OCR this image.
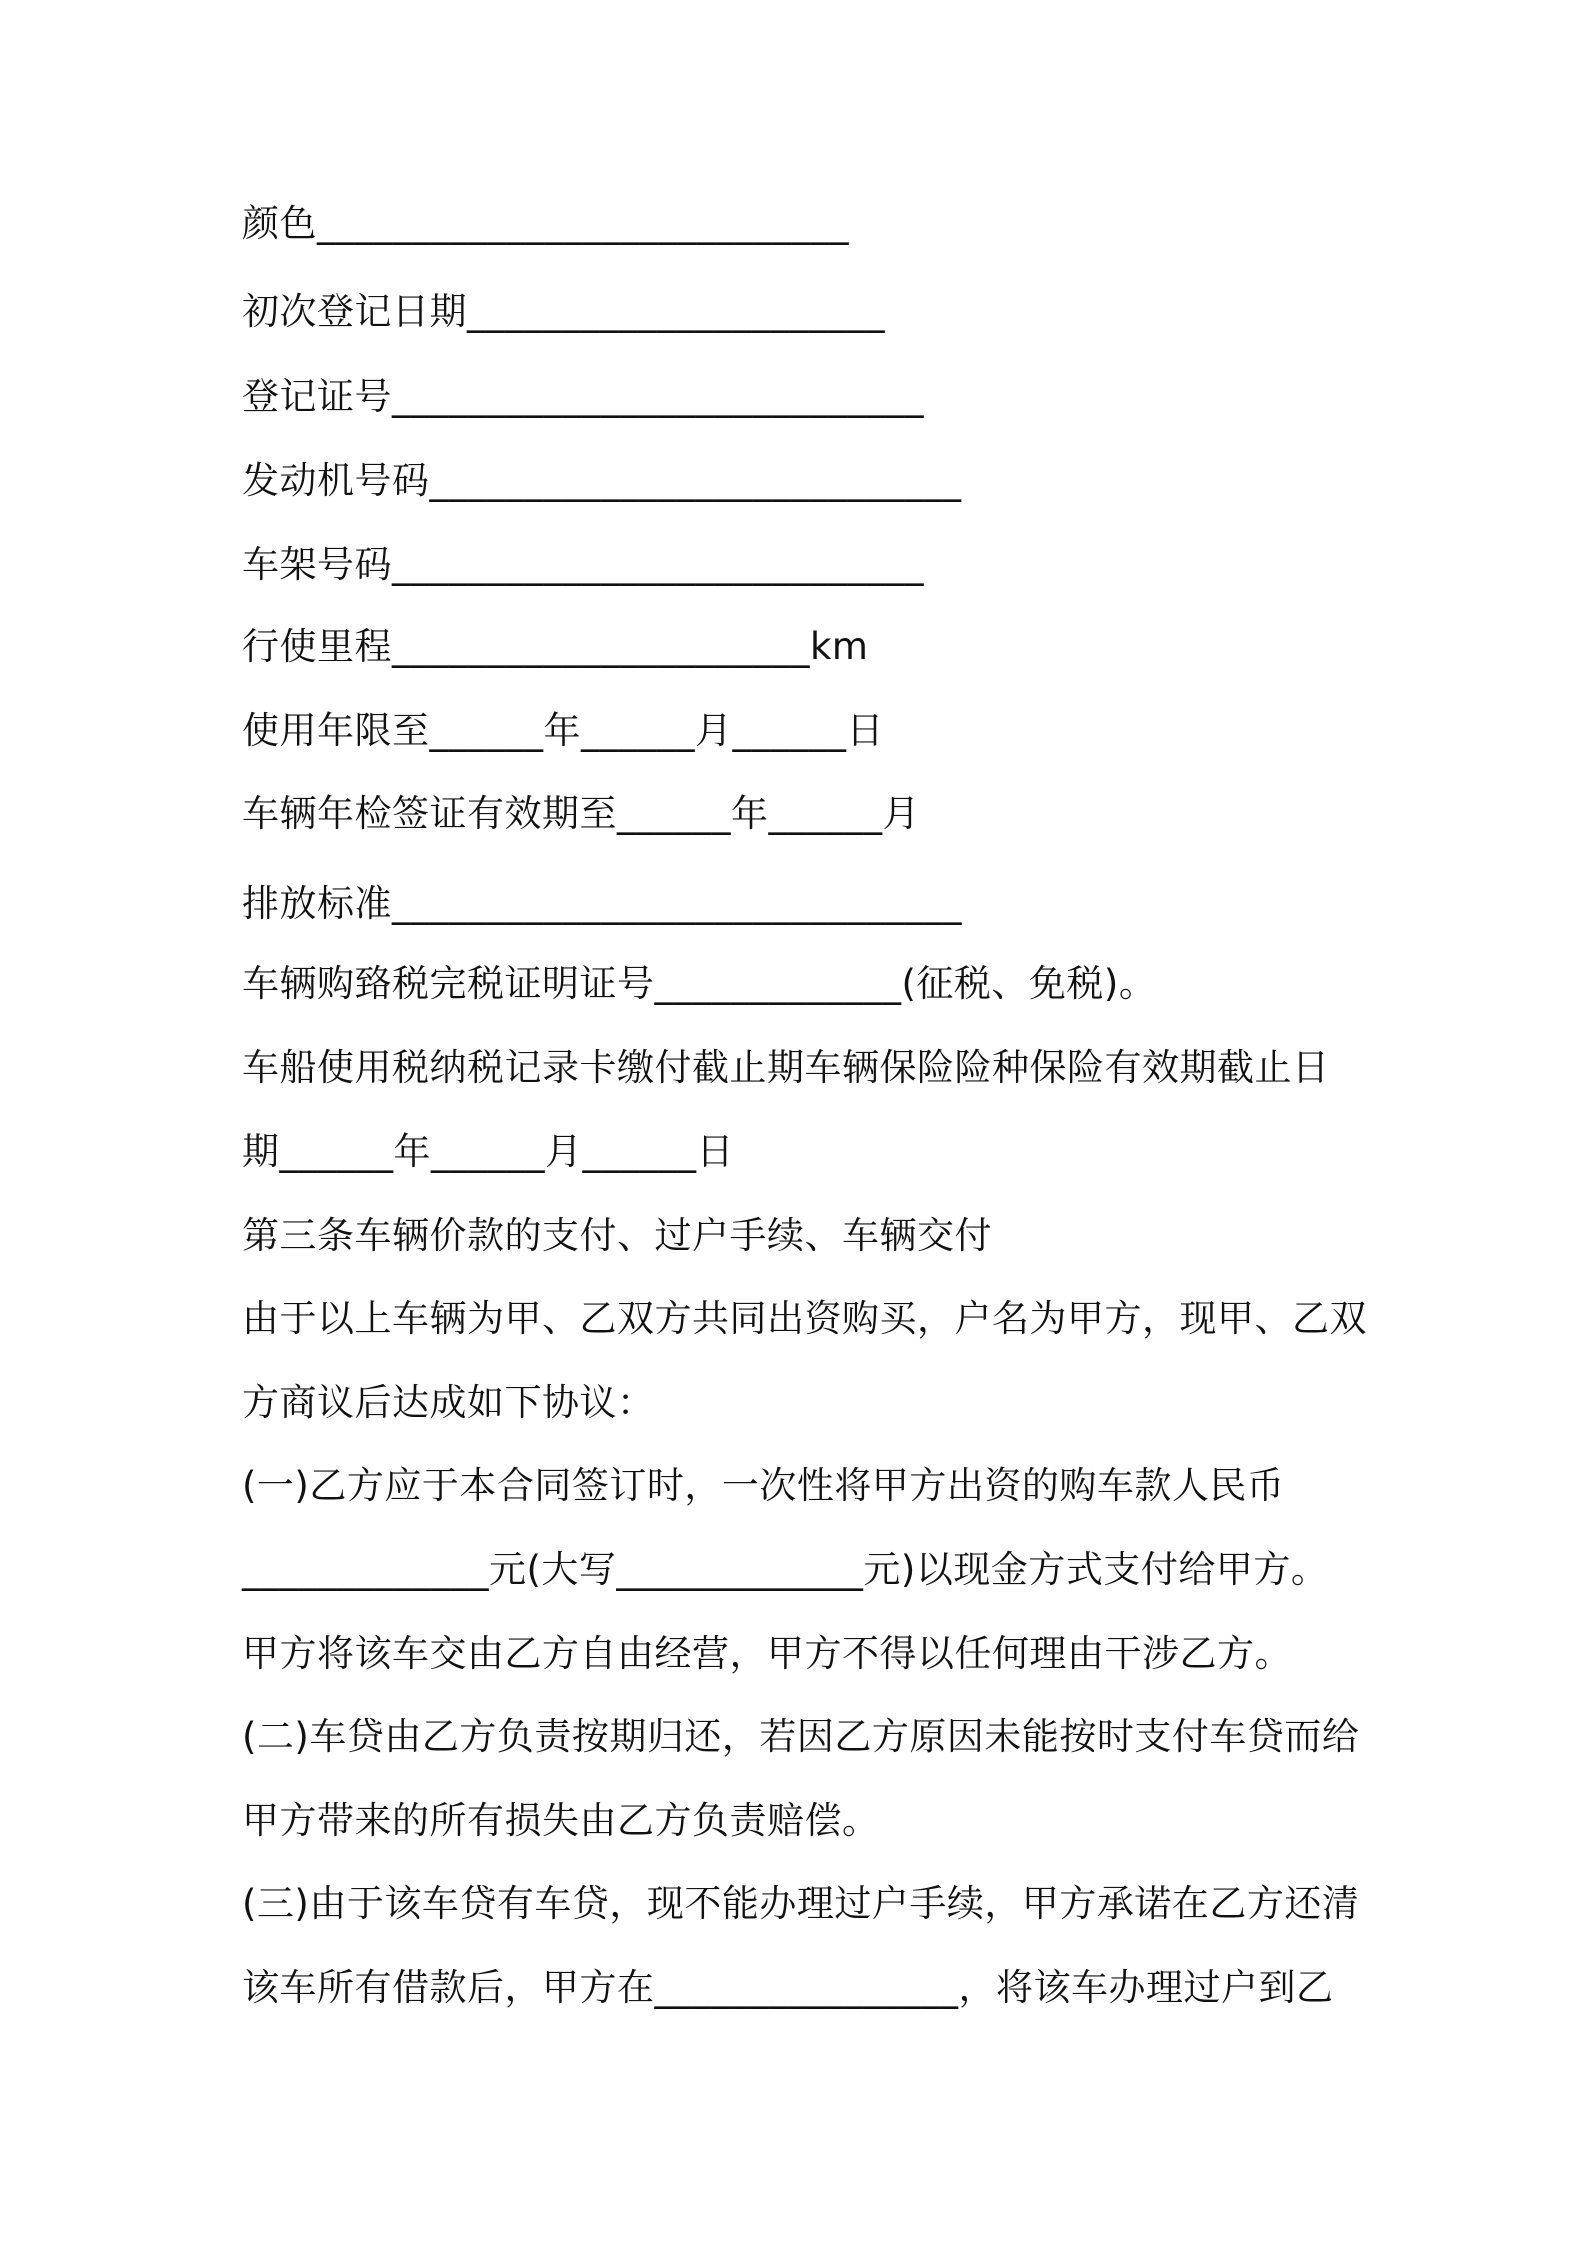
颜色____________________________
初次登记日期______________________
登记证号____________________________
发动机号码____________________________
车架号码____________________________
行使里程______________________km
使用年限至______年______月______日
车辆年检签证有效期至______年______月
排放标准______________________________
车辆购臵税完税证明证号_____________(征税、免税)。
车船使用税纳税记录卡缴付截止期车辆保险险种保险有效期截止日
期______年______月______日
第三条车辆价款的支付、过户手续、车辆交付
由于以上车辆为甲、乙双方共同出资购买，户名为甲方，现甲、乙双
方商议后达成如下协议：
(一)乙方应于本合同签订时，一次性将甲方出资的购车款人民币
_____________元(大写_____________元)以现金方式支付给甲方。
甲方将该车交由乙方自由经营，甲方不得以任何理由干涉乙方。
(二)车贷由乙方负责按期归还，若因乙方原因未能按时支付车贷而给
甲方带来的所有损失由乙方负责赔偿。
(三)由于该车贷有车贷，现不能办理过户手续，甲方承诺在乙方还清
该车所有借款后，甲方在________________，将该车办理过户到乙
